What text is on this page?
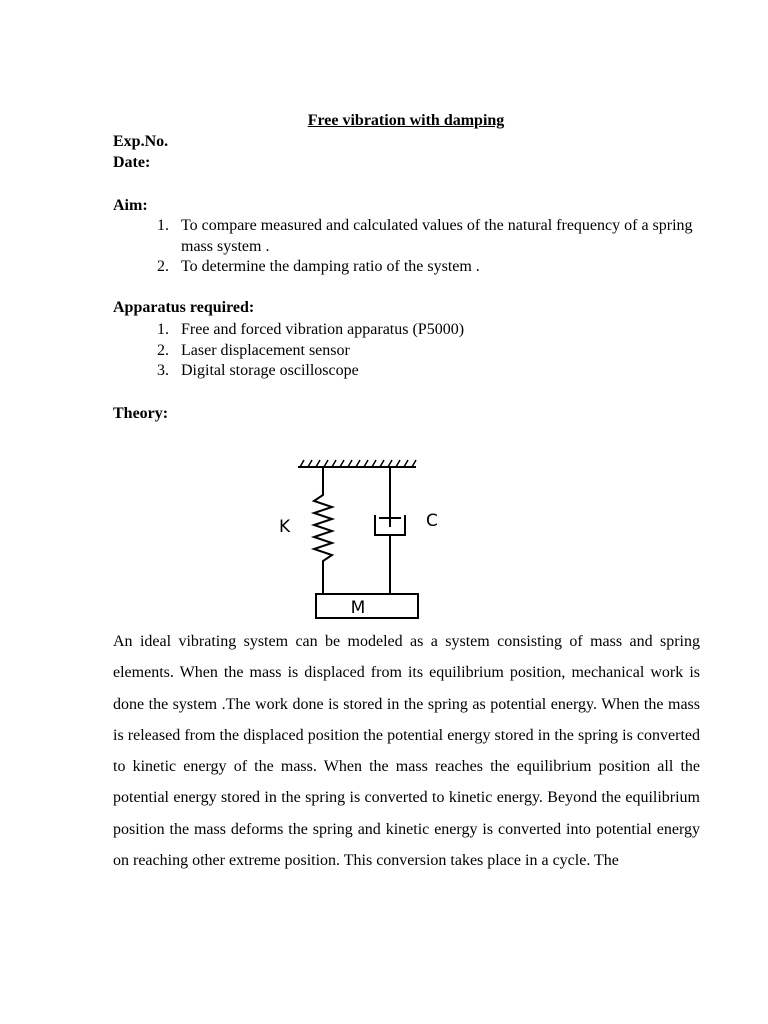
Free vibration with damping
Exp.No.
Date:
Aim:
1. To compare measured and calculated values of the natural frequency of a spring mass system .
2. To determine the damping ratio of the system .
Apparatus required:
1. Free and forced vibration apparatus (P5000)
2. Laser displacement sensor
3. Digital storage oscilloscope
Theory:
M
K	C

An ideal vibrating system can be modeled as a system consisting of mass and spring elements. When the mass is displaced from its equilibrium position, mechanical work is done the system .The work done is stored in the spring as potential energy. When the mass is released from the displaced position the potential energy stored in the spring is converted to kinetic energy of the mass. When the mass reaches the equilibrium position all the potential energy stored in the spring is converted to kinetic energy. Beyond the equilibrium position the mass deforms the spring and kinetic energy is converted into potential energy on reaching other extreme position. This conversion takes place in a cycle. The
